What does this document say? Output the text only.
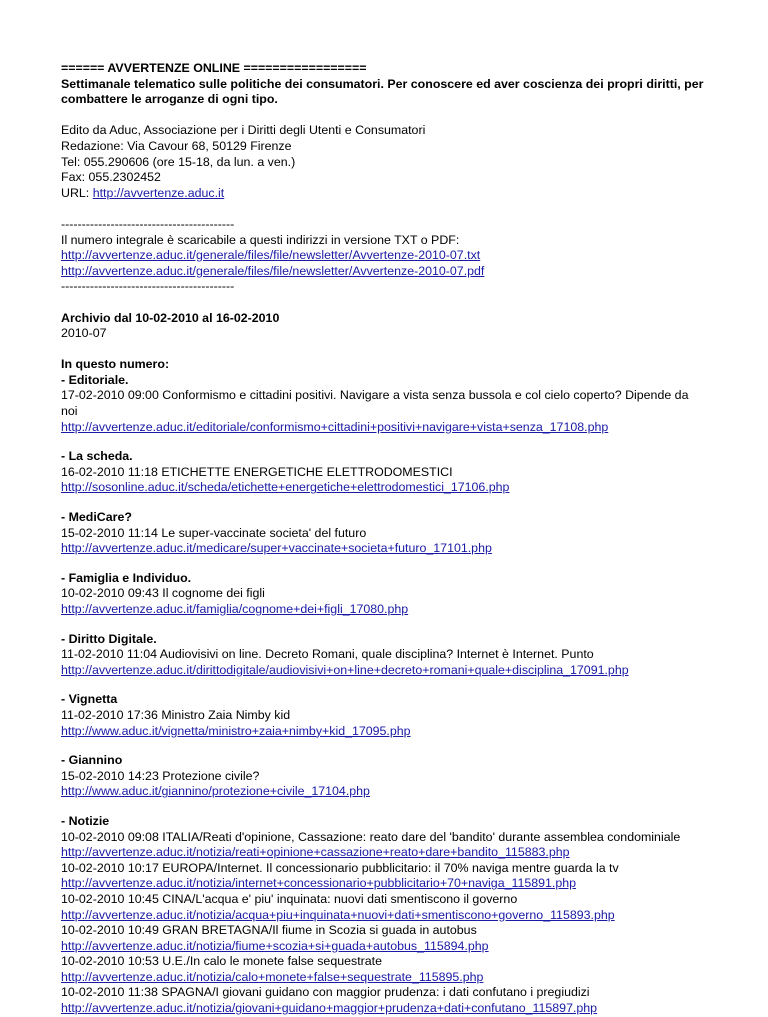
====== AVVERTENZE ONLINE =================
Settimanale telematico sulle politiche dei consumatori. Per conoscere ed aver coscienza dei propri diritti, per combattere le arroganze di ogni tipo.
Edito da Aduc, Associazione per i Diritti degli Utenti e Consumatori
Redazione: Via Cavour 68, 50129 Firenze
Tel: 055.290606 (ore 15-18, da lun. a ven.)
Fax: 055.2302452
URL: http://avvertenze.aduc.it
------------------------------------------
Il numero integrale è scaricabile a questi indirizzi in versione TXT o PDF:
http://avvertenze.aduc.it/generale/files/file/newsletter/Avvertenze-2010-07.txt
http://avvertenze.aduc.it/generale/files/file/newsletter/Avvertenze-2010-07.pdf
------------------------------------------
Archivio dal 10-02-2010 al 16-02-2010
2010-07
In questo numero:
- Editoriale.
17-02-2010 09:00 Conformismo e cittadini positivi. Navigare a vista senza bussola e col cielo coperto? Dipende da noi
http://avvertenze.aduc.it/editoriale/conformismo+cittadini+positivi+navigare+vista+senza_17108.php
- La scheda.
16-02-2010 11:18 ETICHETTE ENERGETICHE ELETTRODOMESTICI
http://sosonline.aduc.it/scheda/etichette+energetiche+elettrodomestici_17106.php
- MediCare?
15-02-2010 11:14 Le super-vaccinate societa' del futuro
http://avvertenze.aduc.it/medicare/super+vaccinate+societa+futuro_17101.php
- Famiglia e Individuo.
10-02-2010 09:43 Il cognome dei figli
http://avvertenze.aduc.it/famiglia/cognome+dei+figli_17080.php
- Diritto Digitale.
11-02-2010 11:04 Audiovisivi on line. Decreto Romani, quale disciplina? Internet è Internet. Punto
http://avvertenze.aduc.it/dirittodigitale/audiovisivi+on+line+decreto+romani+quale+disciplina_17091.php
- Vignetta
11-02-2010 17:36 Ministro Zaia Nimby kid
http://www.aduc.it/vignetta/ministro+zaia+nimby+kid_17095.php
- Giannino
15-02-2010 14:23 Protezione civile?
http://www.aduc.it/giannino/protezione+civile_17104.php
- Notizie
10-02-2010 09:08 ITALIA/Reati d'opinione, Cassazione: reato dare del 'bandito' durante assemblea condominiale
http://avvertenze.aduc.it/notizia/reati+opinione+cassazione+reato+dare+bandito_115883.php
10-02-2010 10:17 EUROPA/Internet. Il concessionario pubblicitario: il 70% naviga mentre guarda la tv
http://avvertenze.aduc.it/notizia/internet+concessionario+pubblicitario+70+naviga_115891.php
10-02-2010 10:45 CINA/L'acqua e' piu' inquinata: nuovi dati smentiscono il governo
http://avvertenze.aduc.it/notizia/acqua+piu+inquinata+nuovi+dati+smentiscono+governo_115893.php
10-02-2010 10:49 GRAN BRETAGNA/Il fiume in Scozia si guada in autobus
http://avvertenze.aduc.it/notizia/fiume+scozia+si+guada+autobus_115894.php
10-02-2010 10:53 U.E./In calo le monete false sequestrate
http://avvertenze.aduc.it/notizia/calo+monete+false+sequestrate_115895.php
10-02-2010 11:38 SPAGNA/I giovani guidano con maggior prudenza: i dati confutano i pregiudizi
http://avvertenze.aduc.it/notizia/giovani+guidano+maggior+prudenza+dati+confutano_115897.php
